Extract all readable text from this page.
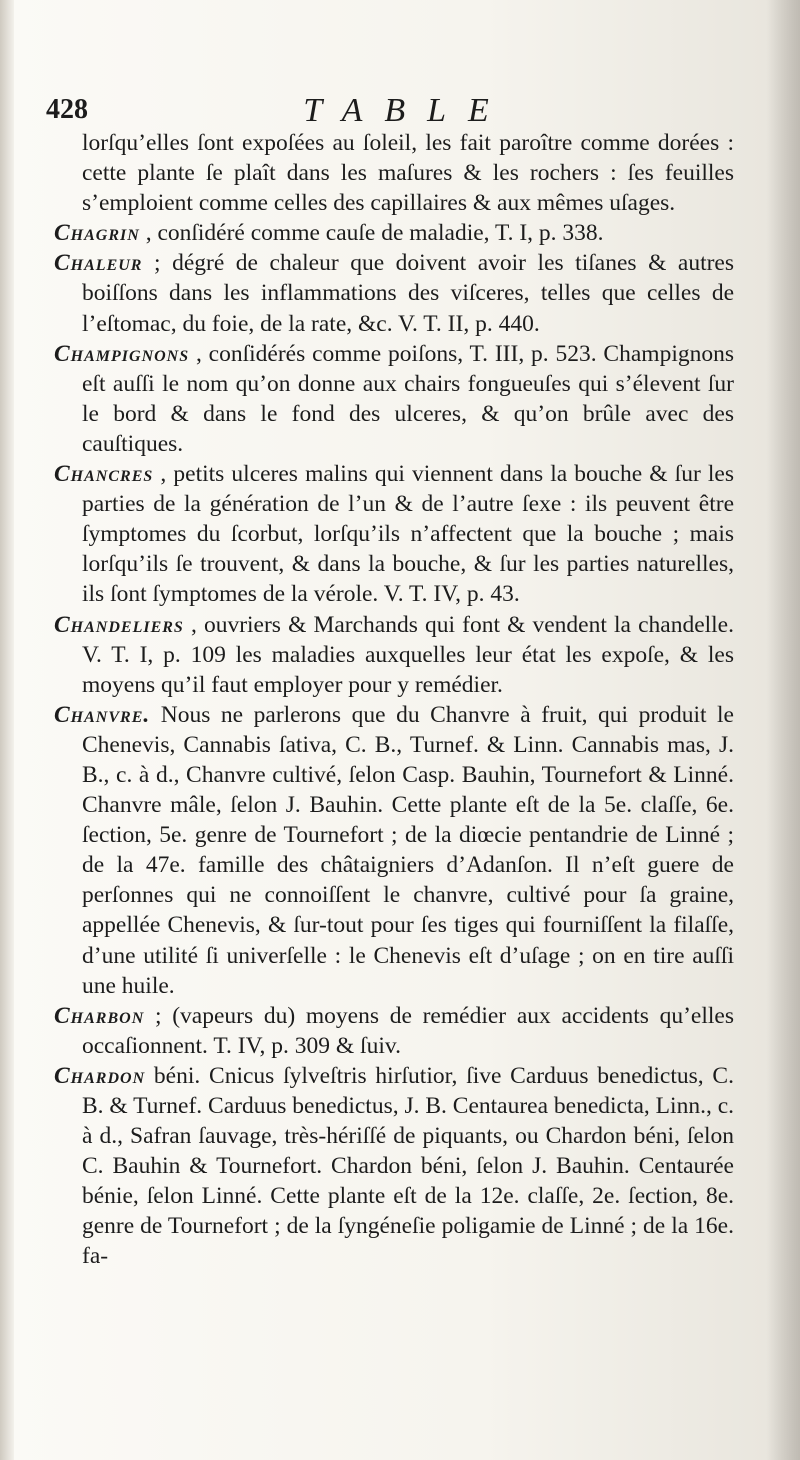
428	TABLE

lorſqu’elles ſont expoſées au ſoleil, les fait paroître comme dorées : cette plante ſe plaît dans les maſures & les rochers : ſes feuilles s’emploient comme celles des capillaires & aux mêmes uſages.

Chagrin , conſidéré comme cauſe de maladie, T. I, p. 338.

Chaleur ; dégré de chaleur que doivent avoir les tiſanes & autres boiſſons dans les inflammations des viſceres, telles que celles de l’eſtomac, du foie, de la rate, &c. V. T. II, p. 440.

Champignons , conſidérés comme poiſons, T. III, p. 523. Champignons eſt auſſi le nom qu’on donne aux chairs fongueuſes qui s’élevent ſur le bord & dans le fond des ulceres, & qu’on brûle avec des cauſtiques.

Chancres , petits ulceres malins qui viennent dans la bouche & ſur les parties de la génération de l’un & de l’autre ſexe : ils peuvent être ſymptomes du ſcorbut, lorſqu’ils n’affectent que la bouche ; mais lorſqu’ils ſe trouvent, & dans la bouche, & ſur les parties naturelles, ils ſont ſymptomes de la vérole. V. T. IV, p. 43.

Chandeliers , ouvriers & Marchands qui font & vendent la chandelle. V. T. I, p. 109 les maladies auxquelles leur état les expoſe, & les moyens qu’il faut employer pour y remédier.

Chanvre. Nous ne parlerons que du Chanvre à fruit, qui produit le Chenevis, Cannabis ſativa, C. B., Turnef. & Linn. Cannabis mas, J. B., c. à d., Chanvre cultivé, ſelon Casp. Bauhin, Tournefort & Linné. Chanvre mâle, ſelon J. Bauhin. Cette plante eſt de la 5e. claſſe, 6e. ſection, 5e. genre de Tournefort ; de la diœcie pentandrie de Linné ; de la 47e. famille des châtaigniers d’Adanſon. Il n’eſt guere de perſonnes qui ne connoiſſent le chanvre, cultivé pour ſa graine, appellée Chenevis, & ſur-tout pour ſes tiges qui fourniſſent la filaſſe, d’une utilité ſi univerſelle : le Chenevis eſt d’uſage ; on en tire auſſi une huile.

Charbon ; (vapeurs du) moyens de remédier aux accidents qu’elles occaſionnent. T. IV, p. 309 & ſuiv.

Chardon béni. Cnicus ſylveſtris hirſutior, ſive Carduus benedictus, C. B. & Turnef. Carduus benedictus, J. B. Centaurea benedicta, Linn., c. à d., Safran ſauvage, très-hériſſé de piquants, ou Chardon béni, ſelon C. Bauhin & Tournefort. Chardon béni, ſelon J. Bauhin. Centaurée bénie, ſelon Linné. Cette plante eſt de la 12e. claſſe, 2e. ſection, 8e. genre de Tournefort ; de la ſyngéneſie poligamie de Linné ; de la 16e. fa-
